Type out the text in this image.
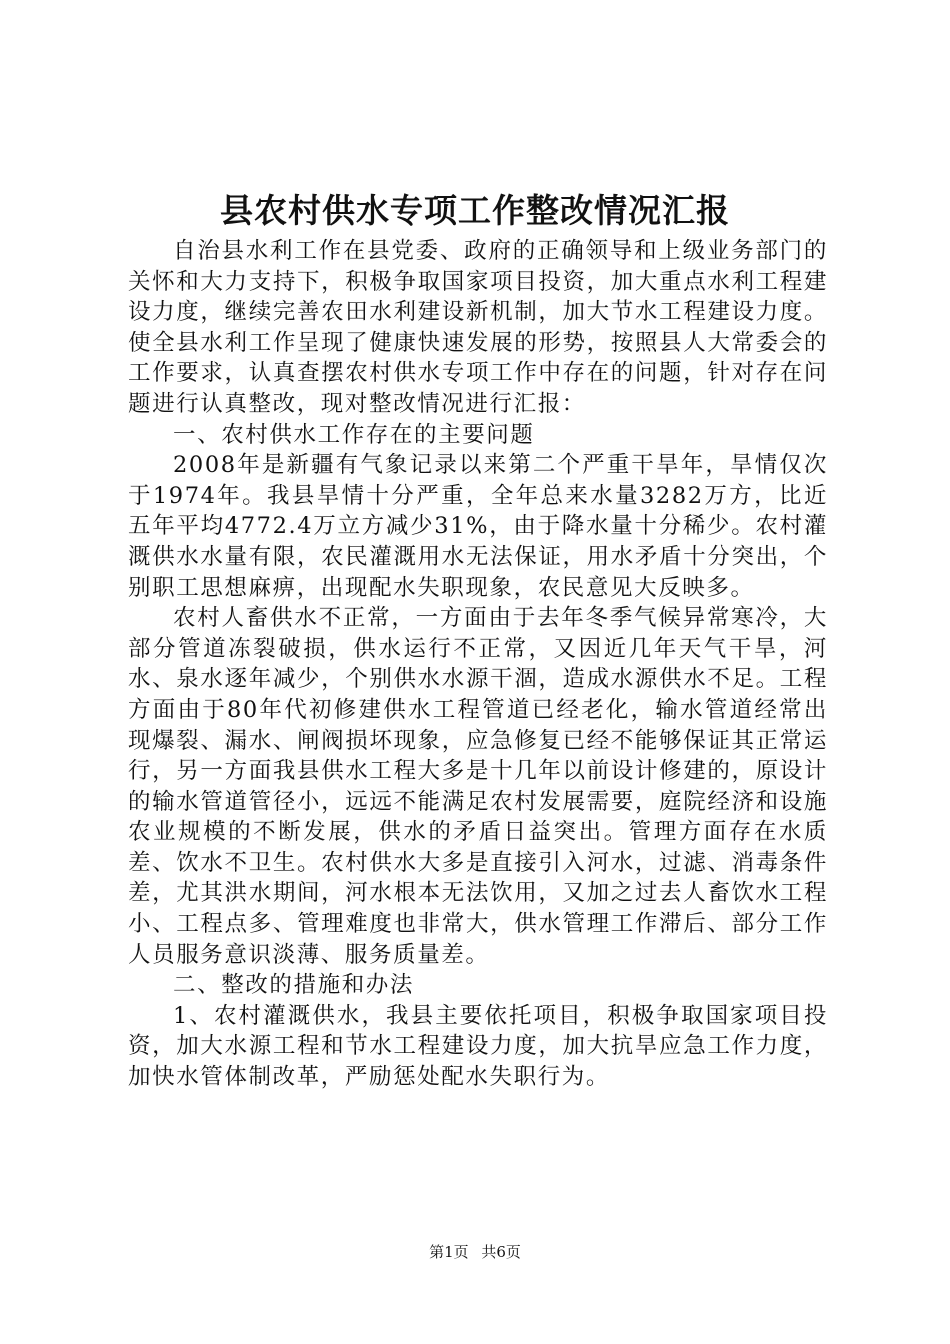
县农村供水专项工作整改情况汇报

自治县水利工作在县党委、政府的正确领导和上级业务部门的关怀和大力支持下，积极争取国家项目投资，加大重点水利工程建设力度，继续完善农田水利建设新机制，加大节水工程建设力度。使全县水利工作呈现了健康快速发展的形势，按照县人大常委会的工作要求，认真查摆农村供水专项工作中存在的问题，针对存在问题进行认真整改，现对整改情况进行汇报：

一、农村供水工作存在的主要问题

2008年是新疆有气象记录以来第二个严重干旱年，旱情仅次于1974年。我县旱情十分严重，全年总来水量3282万方，比近五年平均4772.4万立方减少31%，由于降水量十分稀少。农村灌溉供水水量有限，农民灌溉用水无法保证，用水矛盾十分突出，个别职工思想麻痹，出现配水失职现象，农民意见大反映多。

农村人畜供水不正常，一方面由于去年冬季气候异常寒冷，大部分管道冻裂破损，供水运行不正常，又因近几年天气干旱，河水、泉水逐年减少，个别供水水源干涸，造成水源供水不足。工程方面由于80年代初修建供水工程管道已经老化，输水管道经常出现爆裂、漏水、闸阀损坏现象，应急修复已经不能够保证其正常运行，另一方面我县供水工程大多是十几年以前设计修建的，原设计的输水管道管径小，远远不能满足农村发展需要，庭院经济和设施农业规模的不断发展，供水的矛盾日益突出。管理方面存在水质差、饮水不卫生。农村供水大多是直接引入河水，过滤、消毒条件差，尤其洪水期间，河水根本无法饮用，又加之过去人畜饮水工程小、工程点多、管理难度也非常大，供水管理工作滞后、部分工作人员服务意识淡薄、服务质量差。

二、整改的措施和办法

1、农村灌溉供水，我县主要依托项目，积极争取国家项目投资，加大水源工程和节水工程建设力度，加大抗旱应急工作力度，加快水管体制改革，严励惩处配水失职行为。

第1页 共6页
